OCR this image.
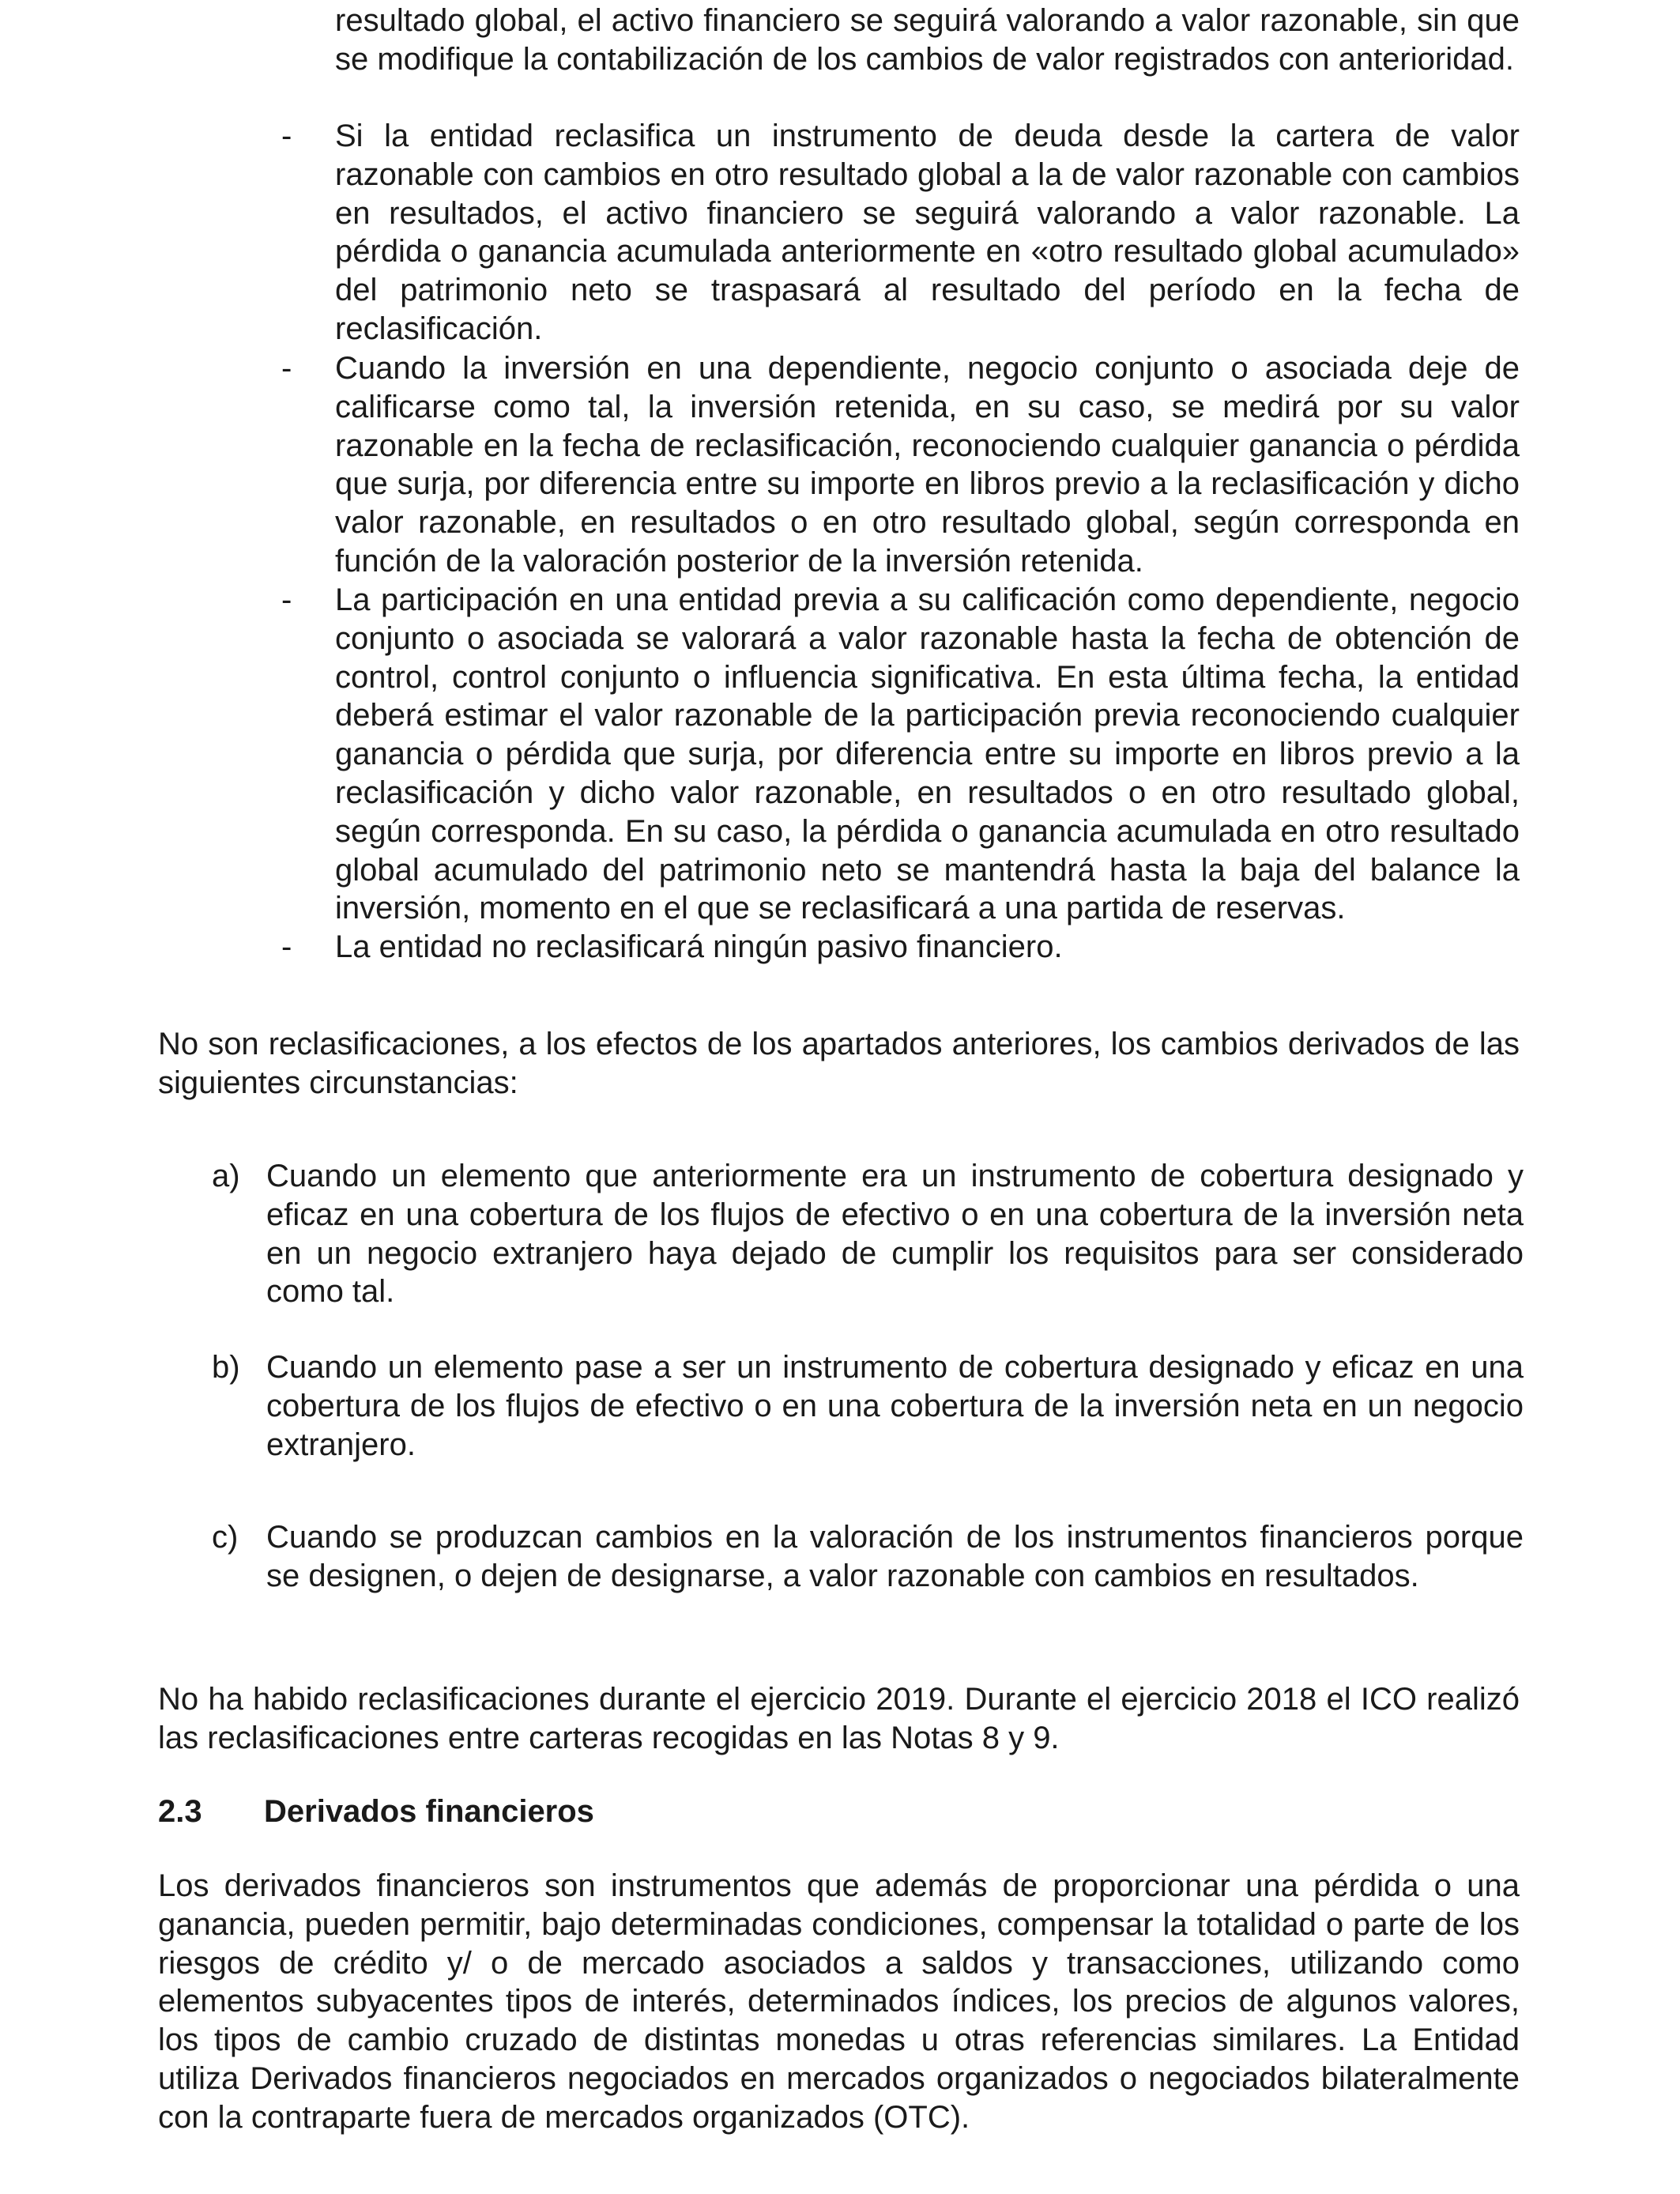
resultado global, el activo financiero se seguirá valorando a valor razonable, sin que se modifique la contabilización de los cambios de valor registrados con anterioridad.
- Si la entidad reclasifica un instrumento de deuda desde la cartera de valor razonable con cambios en otro resultado global a la de valor razonable con cambios en resultados, el activo financiero se seguirá valorando a valor razonable. La pérdida o ganancia acumulada anteriormente en «otro resultado global acumulado» del patrimonio neto se traspasará al resultado del período en la fecha de reclasificación.
- Cuando la inversión en una dependiente, negocio conjunto o asociada deje de calificarse como tal, la inversión retenida, en su caso, se medirá por su valor razonable en la fecha de reclasificación, reconociendo cualquier ganancia o pérdida que surja, por diferencia entre su importe en libros previo a la reclasificación y dicho valor razonable, en resultados o en otro resultado global, según corresponda en función de la valoración posterior de la inversión retenida.
- La participación en una entidad previa a su calificación como dependiente, negocio conjunto o asociada se valorará a valor razonable hasta la fecha de obtención de control, control conjunto o influencia significativa. En esta última fecha, la entidad deberá estimar el valor razonable de la participación previa reconociendo cualquier ganancia o pérdida que surja, por diferencia entre su importe en libros previo a la reclasificación y dicho valor razonable, en resultados o en otro resultado global, según corresponda. En su caso, la pérdida o ganancia acumulada en otro resultado global acumulado del patrimonio neto se mantendrá hasta la baja del balance la inversión, momento en el que se reclasificará a una partida de reservas.
- La entidad no reclasificará ningún pasivo financiero.
No son reclasificaciones, a los efectos de los apartados anteriores, los cambios derivados de las siguientes circunstancias:
a) Cuando un elemento que anteriormente era un instrumento de cobertura designado y eficaz en una cobertura de los flujos de efectivo o en una cobertura de la inversión neta en un negocio extranjero haya dejado de cumplir los requisitos para ser considerado como tal.
b) Cuando un elemento pase a ser un instrumento de cobertura designado y eficaz en una cobertura de los flujos de efectivo o en una cobertura de la inversión neta en un negocio extranjero.
c) Cuando se produzcan cambios en la valoración de los instrumentos financieros porque se designen, o dejen de designarse, a valor razonable con cambios en resultados.
No ha habido reclasificaciones durante el ejercicio 2019. Durante el ejercicio 2018 el ICO realizó las reclasificaciones entre carteras recogidas en las Notas 8 y 9.
2.3 Derivados financieros
Los derivados financieros son instrumentos que además de proporcionar una pérdida o una ganancia, pueden permitir, bajo determinadas condiciones, compensar la totalidad o parte de los riesgos de crédito y/ o de mercado asociados a saldos y transacciones, utilizando como elementos subyacentes tipos de interés, determinados índices, los precios de algunos valores, los tipos de cambio cruzado de distintas monedas u otras referencias similares. La Entidad utiliza Derivados financieros negociados en mercados organizados o negociados bilateralmente con la contraparte fuera de mercados organizados (OTC).
